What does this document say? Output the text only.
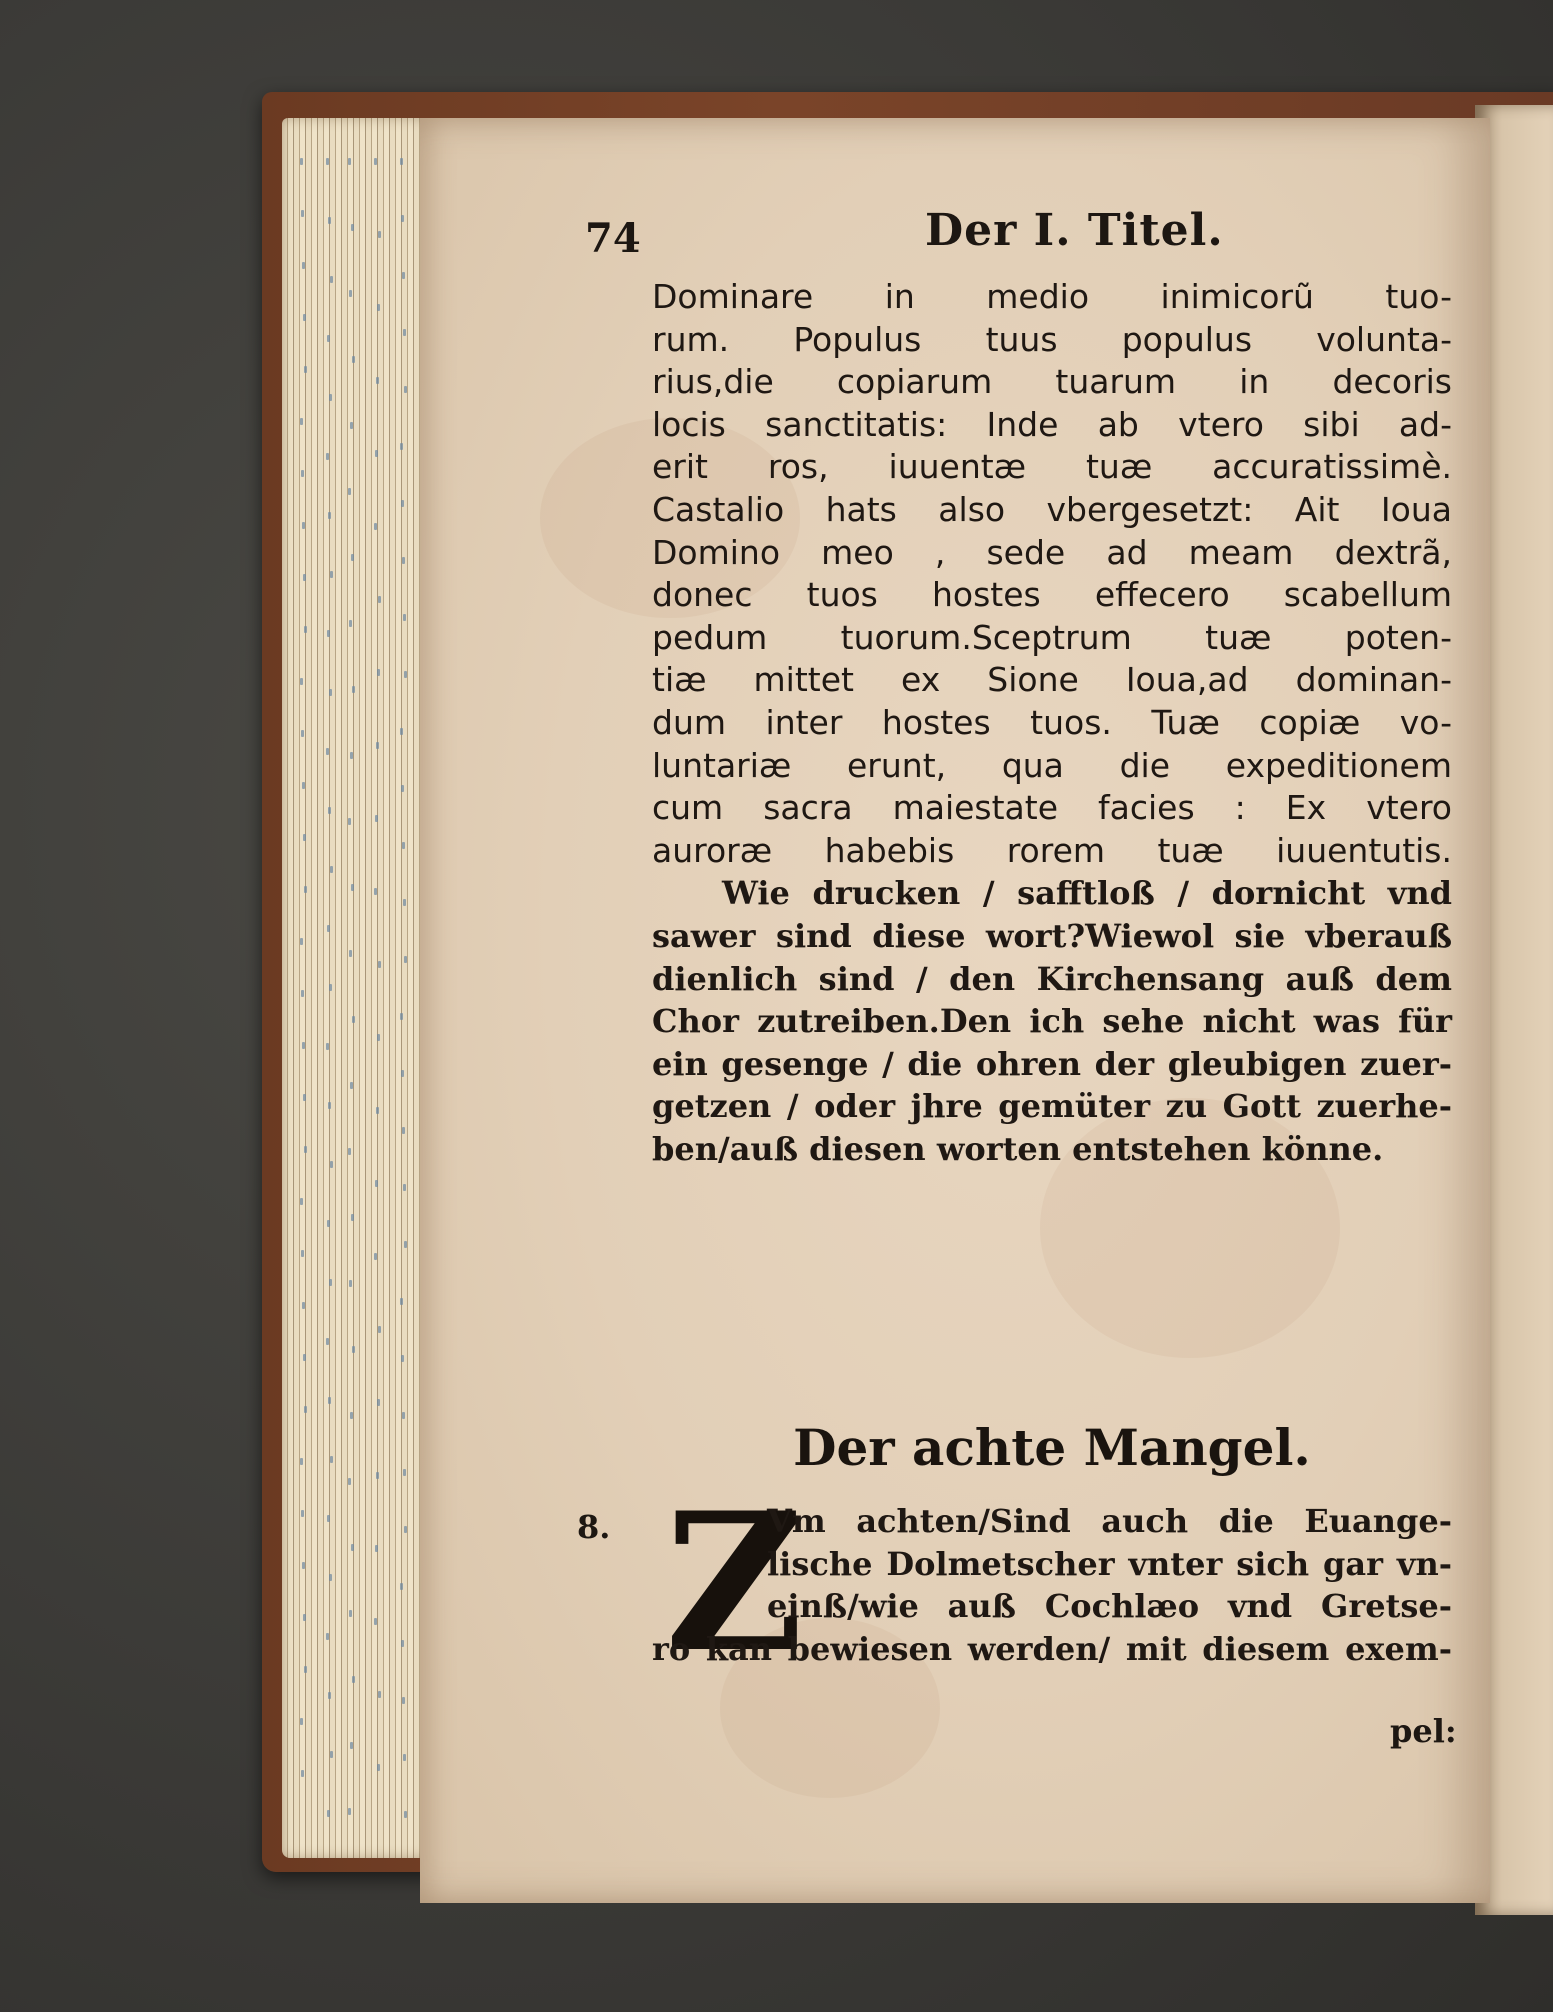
74	Der I. Titel.
Dominare in medio inimicorũ tuo-
rum. Populus tuus populus volunta-
rius,die copiarum tuarum in decoris
locis sanctitatis: Inde ab vtero sibi ad-
erit ros, iuuentæ tuæ accuratissimè.
Castalio hats also vbergesetzt: Ait Ioua
Domino meo , sede ad meam dextrã,
donec tuos hostes effecero scabellum
pedum tuorum.Sceptrum tuæ poten-
tiæ mittet ex Sione Ioua,ad dominan-
dum inter hostes tuos. Tuæ copiæ vo-
luntariæ erunt, qua die expeditionem
cum sacra maiestate facies : Ex vtero
auroræ habebis rorem tuæ iuuentutis.
Wie drucken / safftloß / dornicht vnd
sawer sind diese wort?Wiewol sie vberauß
dienlich sind / den Kirchensang auß dem
Chor zutreiben.Den ich sehe nicht was für
ein gesenge / die ohren der gleubigen zuer-
getzen / oder jhre gemüter zu Gott zuerhe-
ben/auß diesen worten entstehen könne.
Der achte Mangel.
8. Z
Vm achten/Sind auch die Euange-
lische Dolmetscher vnter sich gar vn-
einß/wie auß Cochlæo vnd Gretse-
ro kan bewiesen werden/ mit diesem exem-
pel:
